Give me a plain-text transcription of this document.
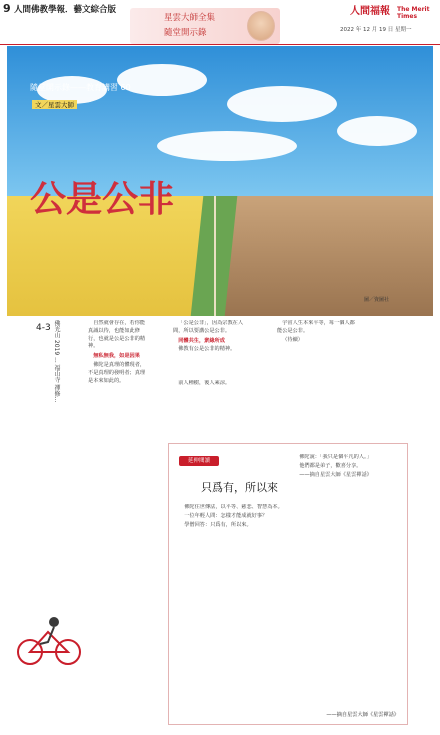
9 人間佛教學報．藝文綜合版
星雲大師全集
隨堂開示錄
人間福報 The Merit Times
2022 年 12 月 19 日 星期一
圖／資圖社
隨堂開示錄——教育講習 60
文／星雲大師
公是公非
4-3 佛光山 2019 ... 福山寺 禪修...	自然就會存在，若你能真誠以待，也能如此修行，也就是公是公非的精神。

無私無我，如是因果

佛陀是真理的體現者，不是真理的發明者；真理是本來如此的。

「公是公非」，因為宗教在人間，所以要講公是公非。

同體共生，衆緣所成

佛教有公是公非的精神。

宇宙人生本來平等，每一個人都能公是公非。

（待續）

前人種樹，後人乘涼。

延伸閱讀
只爲有，所以來

佛陀住世傳法，以平等、慈悲、智慧為本。

一位年輕人問：怎樣才能成就好事？

學僧回答：只爲有，所以來。

佛陀說：「我只是個平凡的人。」

他們都是弟子，歡喜分享。

——摘自星雲大師《星雲禪話》

——摘自星雲大師《星雲禪話》
